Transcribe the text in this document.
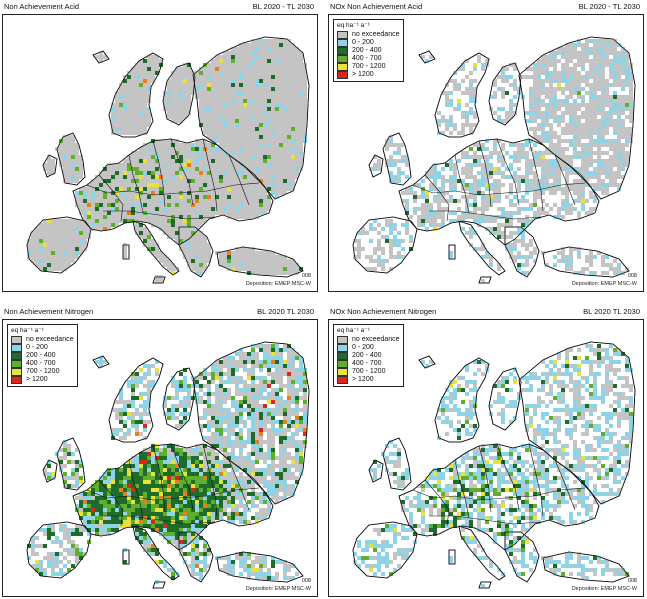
Non Achievement Acid	BL 2020 - TL 2030
008
Deposition: EMEP MSC-W
NOx Non Achievement Acid	BL 2020 - TL 2030
eq ha⁻¹ a⁻¹
no exceedance
0 - 200
200 - 400
400 - 700
700 - 1200
> 1200
008
Deposition: EMEP MSC-W
Non Achievement Nitrogen	BL 2020 TL 2030
eq ha⁻¹ a⁻¹
no exceedance
0 - 200
200 - 400
400 - 700
700 - 1200
> 1200
008
Deposition: EMEP MSC-W
NOx Non Achievement Nitrogen	BL 2020 TL 2030
eq ha⁻¹ a⁻¹
no exceedance
0 - 200
200 - 400
400 - 700
700 - 1200
> 1200
008
Deposition: EMEP MSC-W
